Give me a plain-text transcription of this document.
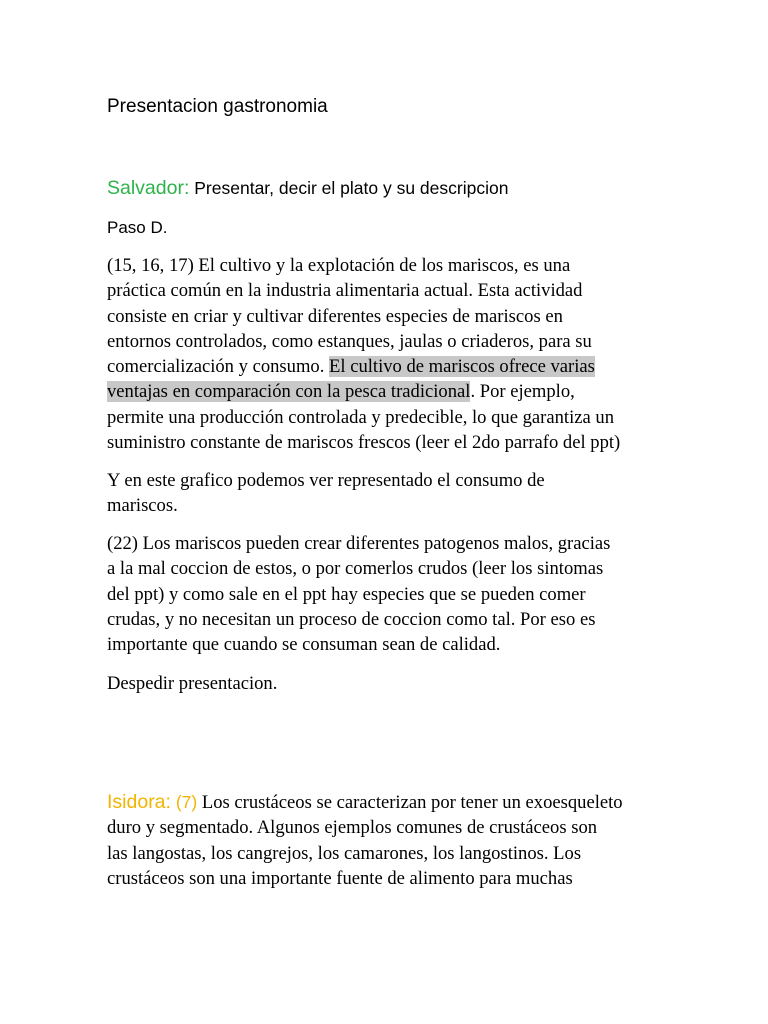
Presentacion gastronomia
Salvador: Presentar, decir el plato y su descripcion
Paso D.
(15, 16, 17) El cultivo y la explotación de los mariscos, es una
práctica común en la industria alimentaria actual. Esta actividad
consiste en criar y cultivar diferentes especies de mariscos en
entornos controlados, como estanques, jaulas o criaderos, para su
comercialización y consumo. El cultivo de mariscos ofrece varias
ventajas en comparación con la pesca tradicional. Por ejemplo,
permite una producción controlada y predecible, lo que garantiza un
suministro constante de mariscos frescos (leer el 2do parrafo del ppt)
Y en este grafico podemos ver representado el consumo de
mariscos.
(22) Los mariscos pueden crear diferentes patogenos malos, gracias
a la mal coccion de estos, o por comerlos crudos (leer los sintomas
del ppt) y como sale en el ppt hay especies que se pueden comer
crudas, y no necesitan un proceso de coccion como tal. Por eso es
importante que cuando se consuman sean de calidad.
Despedir presentacion.
Isidora: (7) Los crustáceos se caracterizan por tener un exoesqueleto
duro y segmentado. Algunos ejemplos comunes de crustáceos son
las langostas, los cangrejos, los camarones, los langostinos. Los
crustáceos son una importante fuente de alimento para muchas
